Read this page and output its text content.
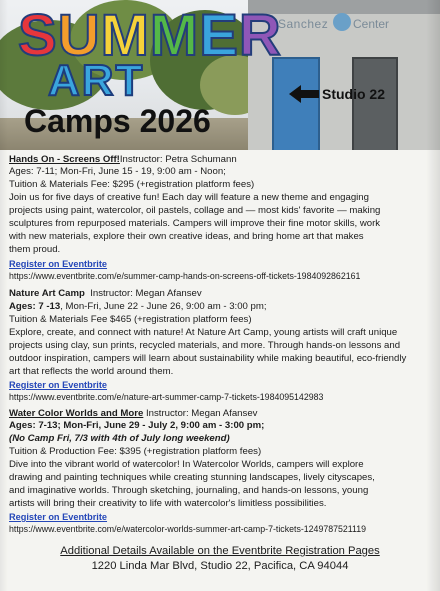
Sanchez Center
Studio 22
SUMMER
ART
Camps 2026
Hands On - Screens Off!Instructor: Petra Schumann
Ages: 7-11; Mon-Fri, June 15 - 19, 9:00 am - Noon;
Tuition & Materials Fee: $295 (+registration platform fees)
Join us for five days of creative fun! Each day will feature a new theme and engaging
projects using paint, watercolor, oil pastels, collage and — most kids' favorite — making
sculptures from repurposed materials. Campers will improve their fine motor skills, work
with new materials, explore their own creative ideas, and bring home art that makes
them proud.
Register on Eventbrite
https://www.eventbrite.com/e/summer-camp-hands-on-screens-off-tickets-1984092862161
Nature Art Camp Instructor: Megan Afansev
Ages: 7 -13, Mon-Fri, June 22 - June 26, 9:00 am - 3:00 pm;
Tuition & Materials Fee $465 (+registration platform fees)
Explore, create, and connect with nature! At Nature Art Camp, young artists will craft unique
projects using clay, sun prints, recycled materials, and more. Through hands-on lessons and
outdoor inspiration, campers will learn about sustainability while making beautiful, eco-friendly
art that reflects the world around them.
Register on Eventbrite
https://www.eventbrite.com/e/nature-art-summer-camp-7-tickets-1984095142983
Water Color Worlds and More Instructor: Megan Afansev
Ages: 7-13; Mon-Fri, June 29 - July 2, 9:00 am - 3:00 pm;
(No Camp Fri, 7/3 with 4th of July long weekend)
Tuition & Production Fee: $395 (+registration platform fees)
Dive into the vibrant world of watercolor! In Watercolor Worlds, campers will explore
drawing and painting techniques while creating stunning landscapes, lively cityscapes,
and imaginative worlds. Through sketching, journaling, and hands-on lessons, young
artists will bring their creativity to life with watercolor's limitless possibilities.
Register on Eventbrite
https://www.eventbrite.com/e/watercolor-worlds-summer-art-camp-7-tickets-1249787521119
Additional Details Available on the Eventbrite Registration Pages
1220 Linda Mar Blvd, Studio 22, Pacifica, CA 94044
